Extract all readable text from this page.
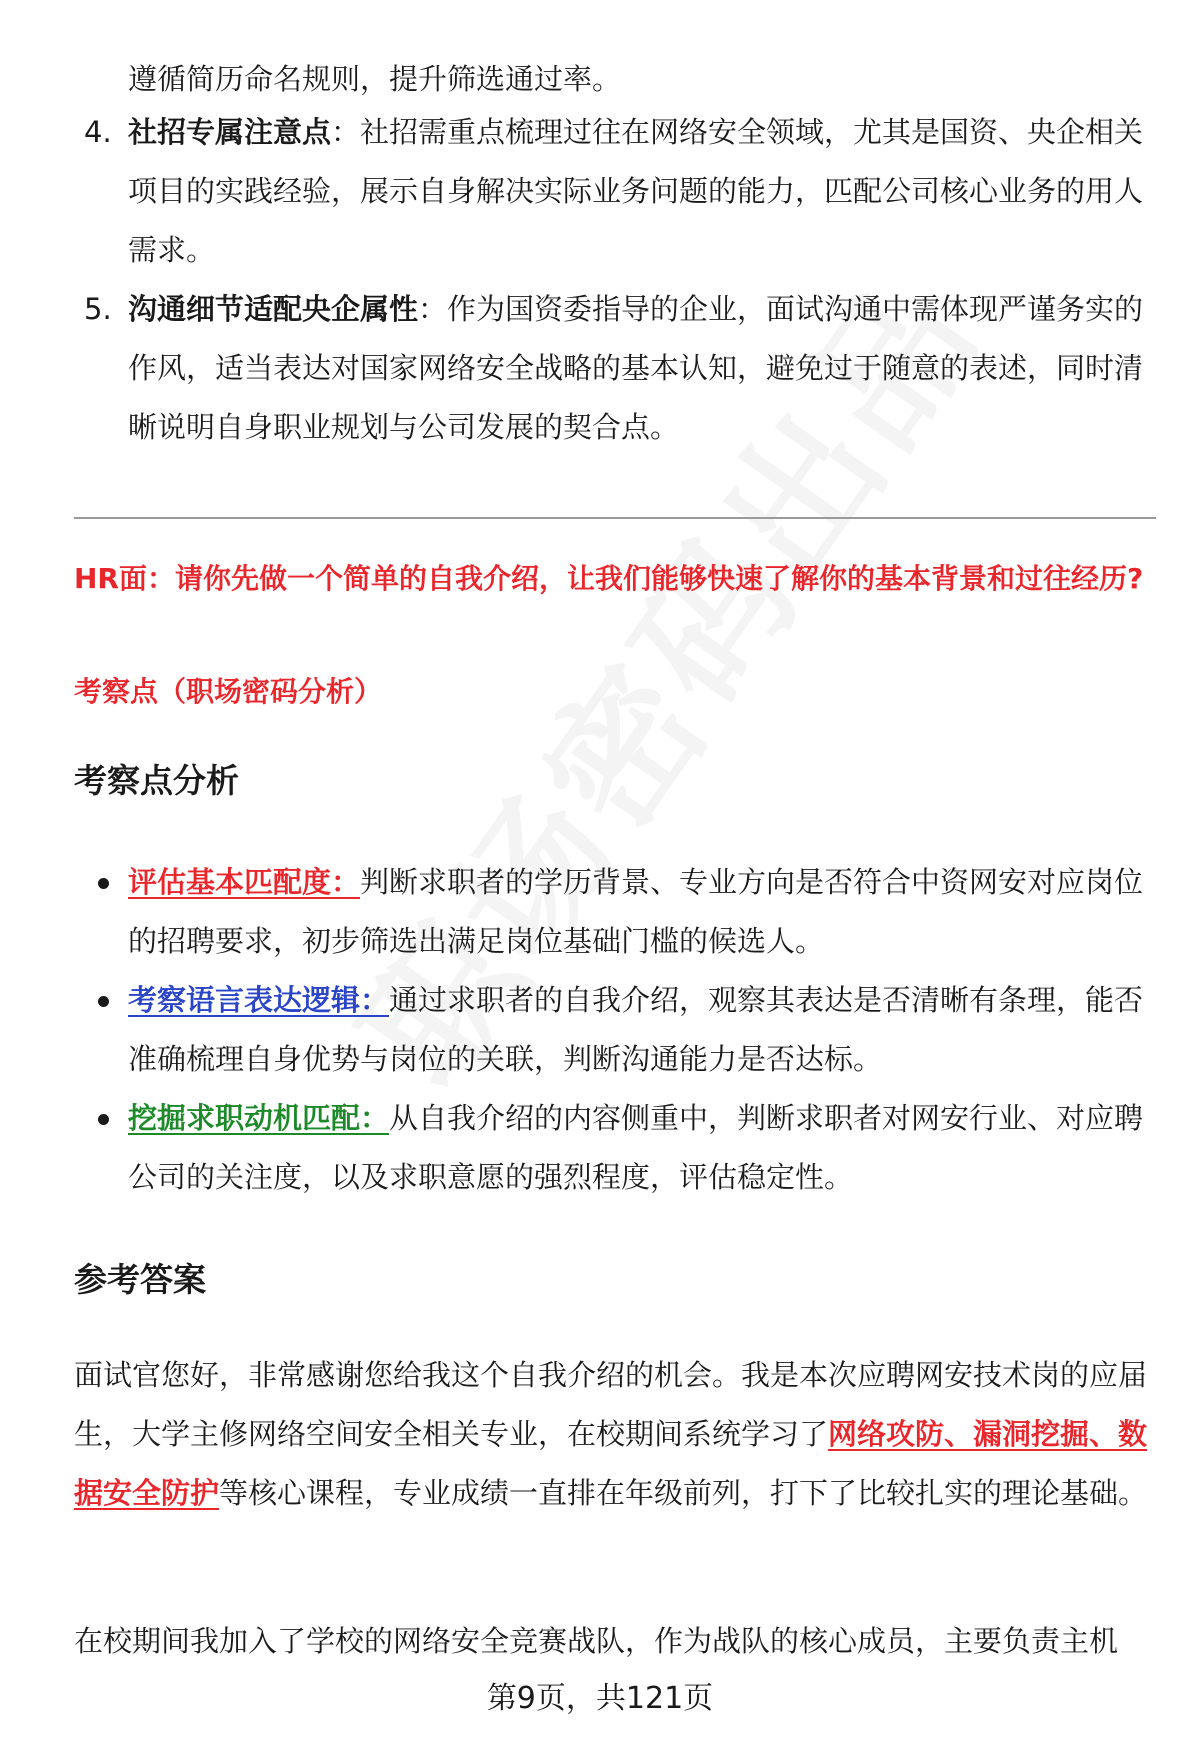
遵循简历命名规则，提升筛选通过率。
4. 社招专属注意点：社招需重点梳理过往在网络安全领域，尤其是国资、央企相关项目的实践经验，展示自身解决实际业务问题的能力，匹配公司核心业务的用人需求。
5. 沟通细节适配央企属性：作为国资委指导的企业，面试沟通中需体现严谨务实的作风，适当表达对国家网络安全战略的基本认知，避免过于随意的表述，同时清晰说明自身职业规划与公司发展的契合点。
HR面：请你先做一个简单的自我介绍，让我们能够快速了解你的基本背景和过往经历?
考察点（职场密码分析）
考察点分析
评估基本匹配度：判断求职者的学历背景、专业方向是否符合中资网安对应岗位的招聘要求，初步筛选出满足岗位基础门槛的候选人。
考察语言表达逻辑：通过求职者的自我介绍，观察其表达是否清晰有条理，能否准确梳理自身优势与岗位的关联，判断沟通能力是否达标。
挖掘求职动机匹配：从自我介绍的内容侧重中，判断求职者对网安行业、对应聘公司的关注度，以及求职意愿的强烈程度，评估稳定性。
参考答案
面试官您好，非常感谢您给我这个自我介绍的机会。我是本次应聘网安技术岗的应届生，大学主修网络空间安全相关专业，在校期间系统学习了网络攻防、漏洞挖掘、数据安全防护等核心课程，专业成绩一直排在年级前列，打下了比较扎实的理论基础。
在校期间我加入了学校的网络安全竞赛战队，作为战队的核心成员，主要负责主机
第9页，共121页
